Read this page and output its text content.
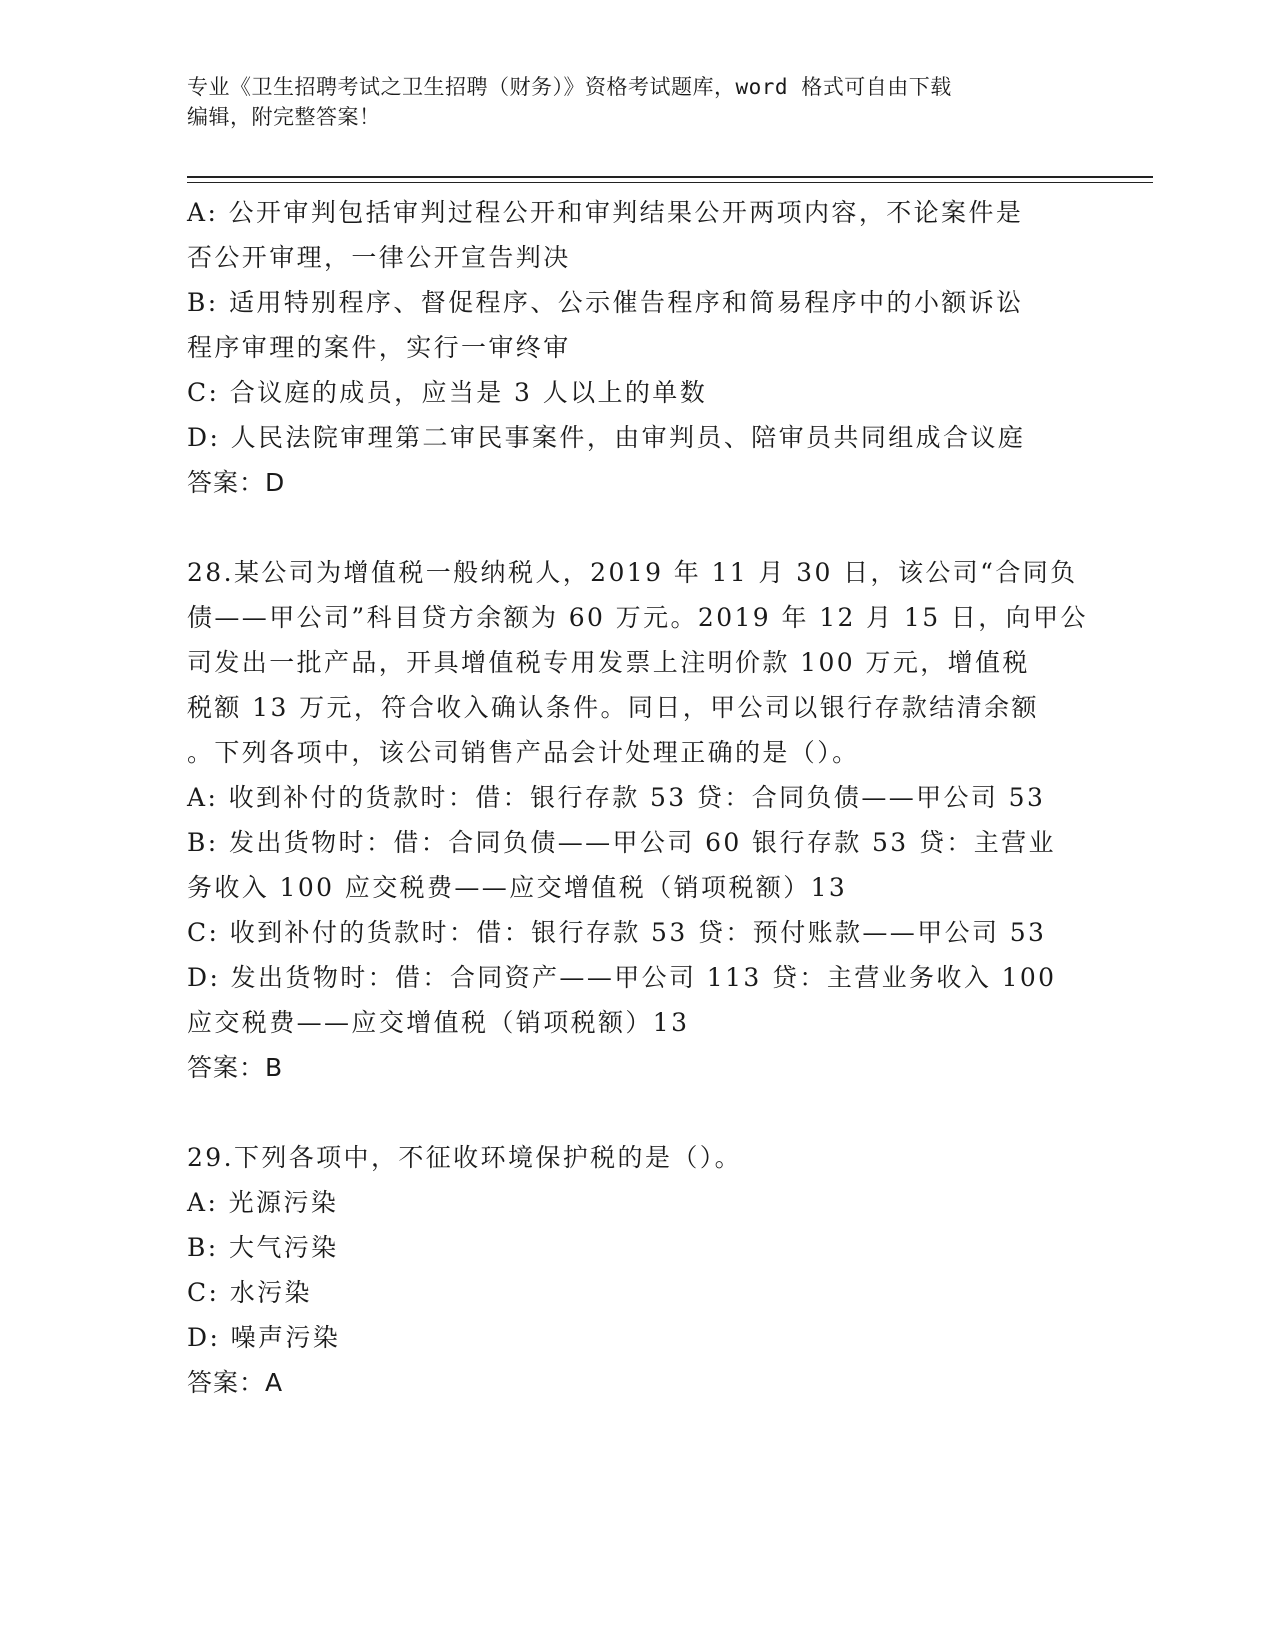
专业《卫生招聘考试之卫生招聘（财务）》资格考试题库，word 格式可自由下载
编辑，附完整答案！
A: 公开审判包括审判过程公开和审判结果公开两项内容，不论案件是
否公开审理，一律公开宣告判决
B: 适用特别程序、督促程序、公示催告程序和简易程序中的小额诉讼
程序审理的案件，实行一审终审
C: 合议庭的成员，应当是 3 人以上的单数
D: 人民法院审理第二审民事案件，由审判员、陪审员共同组成合议庭
答案：D
28.某公司为增值税一般纳税人，2019 年 11 月 30 日，该公司“合同负
债——甲公司”科目贷方余额为 60 万元。2019 年 12 月 15 日，向甲公
司发出一批产品，开具增值税专用发票上注明价款 100 万元，增值税
税额 13 万元，符合收入确认条件。同日，甲公司以银行存款结清余额
。下列各项中，该公司销售产品会计处理正确的是（）。
A: 收到补付的货款时：借：银行存款 53 贷：合同负债——甲公司 53
B: 发出货物时：借：合同负债——甲公司 60 银行存款 53 贷：主营业
务收入 100 应交税费——应交增值税（销项税额）13
C: 收到补付的货款时：借：银行存款 53 贷：预付账款——甲公司 53
D: 发出货物时：借：合同资产——甲公司 113 贷：主营业务收入 100
应交税费——应交增值税（销项税额）13
答案：B
29.下列各项中，不征收环境保护税的是（）。
A: 光源污染
B: 大气污染
C: 水污染
D: 噪声污染
答案：A
